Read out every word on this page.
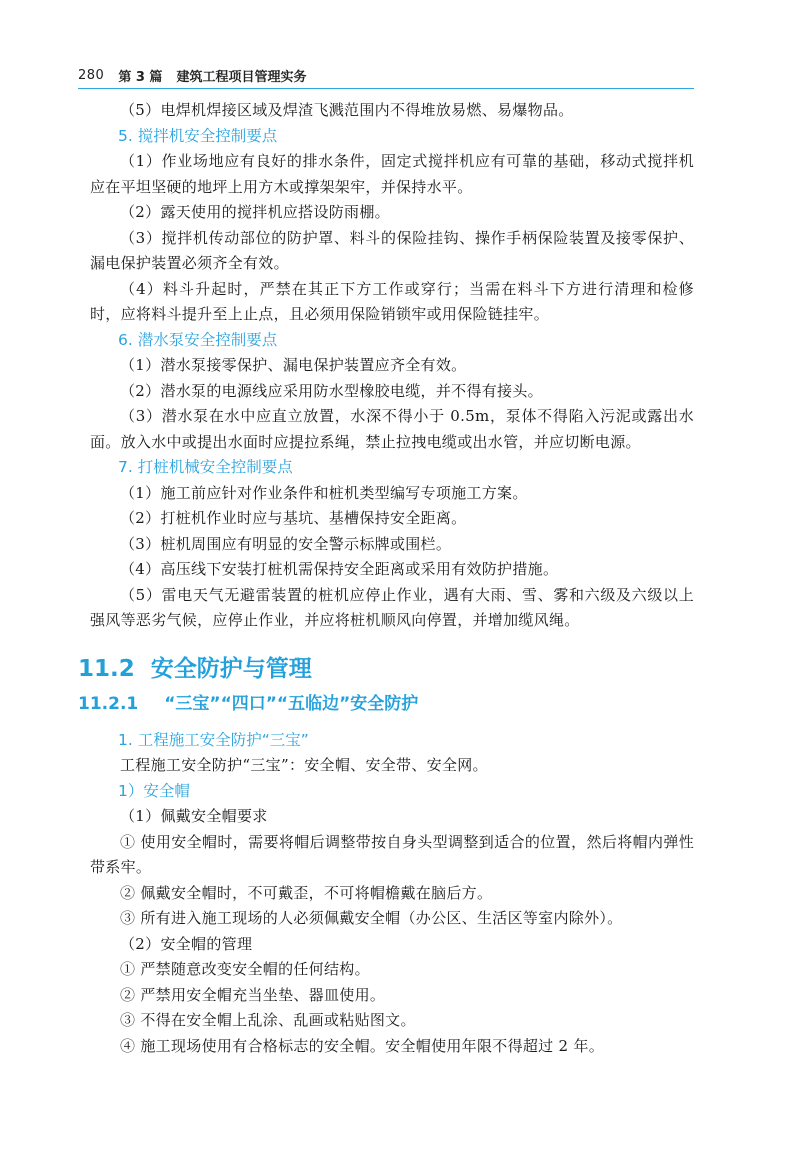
280 第 3 篇 建筑工程项目管理实务

（5）电焊机焊接区域及焊渣飞溅范围内不得堆放易燃、易爆物品。

5. 搅拌机安全控制要点

（1）作业场地应有良好的排水条件，固定式搅拌机应有可靠的基础，移动式搅拌机应在平坦坚硬的地坪上用方木或撑架架牢，并保持水平。

（2）露天使用的搅拌机应搭设防雨棚。

（3）搅拌机传动部位的防护罩、料斗的保险挂钩、操作手柄保险装置及接零保护、漏电保护装置必须齐全有效。

（4）料斗升起时，严禁在其正下方工作或穿行；当需在料斗下方进行清理和检修时，应将料斗提升至上止点，且必须用保险销锁牢或用保险链挂牢。

6. 潜水泵安全控制要点

（1）潜水泵接零保护、漏电保护装置应齐全有效。

（2）潜水泵的电源线应采用防水型橡胶电缆，并不得有接头。

（3）潜水泵在水中应直立放置，水深不得小于 0.5m，泵体不得陷入污泥或露出水面。放入水中或提出水面时应提拉系绳，禁止拉拽电缆或出水管，并应切断电源。

7. 打桩机械安全控制要点

（1）施工前应针对作业条件和桩机类型编写专项施工方案。

（2）打桩机作业时应与基坑、基槽保持安全距离。

（3）桩机周围应有明显的安全警示标牌或围栏。

（4）高压线下安装打桩机需保持安全距离或采用有效防护措施。

（5）雷电天气无避雷装置的桩机应停止作业，遇有大雨、雪、雾和六级及六级以上强风等恶劣气候，应停止作业，并应将桩机顺风向停置，并增加缆风绳。

11.2 安全防护与管理
11.2.1 “三宝”“四口”“五临边”安全防护

1. 工程施工安全防护“三宝”

工程施工安全防护“三宝”：安全帽、安全带、安全网。

1）安全帽

（1）佩戴安全帽要求

① 使用安全帽时，需要将帽后调整带按自身头型调整到适合的位置，然后将帽内弹性带系牢。

② 佩戴安全帽时，不可戴歪，不可将帽檐戴在脑后方。

③ 所有进入施工现场的人必须佩戴安全帽（办公区、生活区等室内除外）。

（2）安全帽的管理

① 严禁随意改变安全帽的任何结构。

② 严禁用安全帽充当坐垫、器皿使用。

③ 不得在安全帽上乱涂、乱画或粘贴图文。

④ 施工现场使用有合格标志的安全帽。安全帽使用年限不得超过 2 年。
